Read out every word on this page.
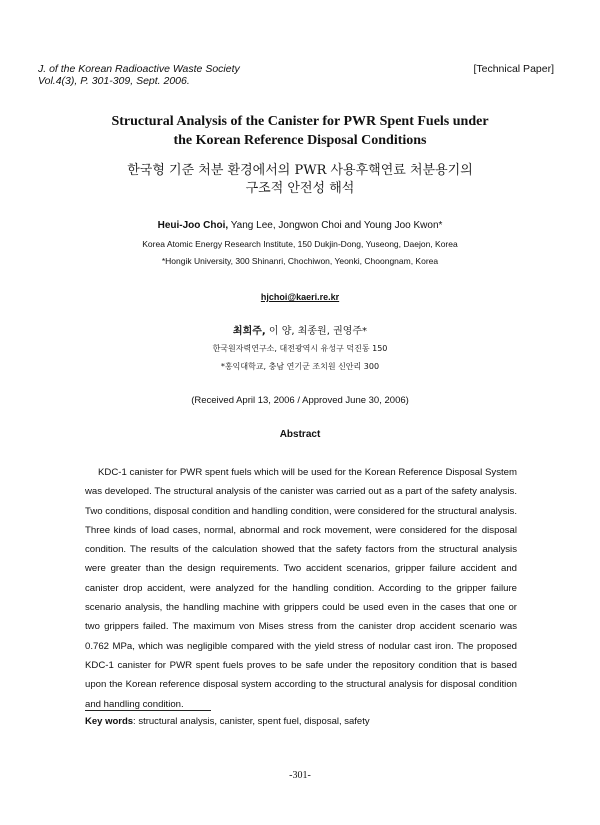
J. of the Korean Radioactive Waste Society
Vol.4(3), P. 301-309, Sept. 2006.
[Technical Paper]
Structural Analysis of the Canister for PWR Spent Fuels under
the Korean Reference Disposal Conditions
한국형 기준 처분 환경에서의 PWR 사용후핵연료 처분용기의
구조적 안전성 해석
Heui-Joo Choi, Yang Lee, Jongwon Choi and Young Joo Kwon*
Korea Atomic Energy Research Institute, 150 Dukjin-Dong, Yuseong, Daejon, Korea
*Hongik University, 300 Shinanri, Chochiwon, Yeonki, Choongnam, Korea
hjchoi@kaeri.re.kr
최희주, 이 양, 최종원, 권영주*
한국원자력연구소, 대전광역시 유성구 덕진동 150
*홍익대학교, 충남 연기군 조치원 신안리 300
(Received April 13, 2006 / Approved June 30, 2006)
Abstract
KDC-1 canister for PWR spent fuels which will be used for the Korean Reference Disposal System was developed. The structural analysis of the canister was carried out as a part of the safety analysis. Two conditions, disposal condition and handling condition, were considered for the structural analysis. Three kinds of load cases, normal, abnormal and rock movement, were considered for the disposal condition. The results of the calculation showed that the safety factors from the structural analysis were greater than the design requirements. Two accident scenarios, gripper failure accident and canister drop accident, were analyzed for the handling condition. According to the gripper failure scenario analysis, the handling machine with grippers could be used even in the cases that one or two grippers failed. The maximum von Mises stress from the canister drop accident scenario was 0.762 MPa, which was negligible compared with the yield stress of nodular cast iron. The proposed KDC-1 canister for PWR spent fuels proves to be safe under the repository condition that is based upon the Korean reference disposal system according to the structural analysis for disposal condition and handling condition.
Key words: structural analysis, canister, spent fuel, disposal, safety
-301-
